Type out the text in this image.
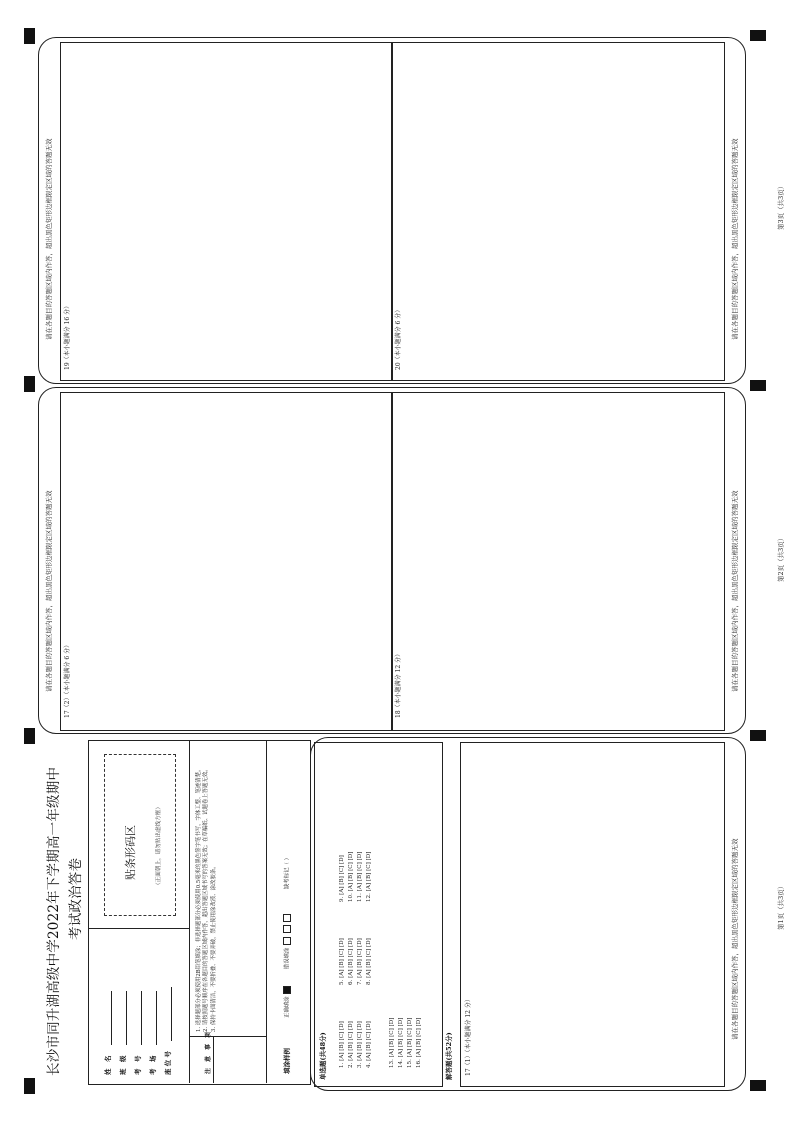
19（本小题满分 16 分）	20（本小题满分 6 分）
请在各题目的答题区域内作答，超出黑色矩形边框限定区域的答题无效	请在各题目的答题区域内作答，超出黑色矩形边框限定区域的答题无效	第3页（共3页）
17（2）（本小题满分 6 分）	18（本小题满分 12 分）
请在各题目的答题区域内作答，超出黑色矩形边框限定区域的答题无效	请在各题目的答题区域内作答，超出黑色矩形边框限定区域的答题无效	第2页（共3页）
长沙市同升湖高级中学2022年下学期高一年级期中 考试政治答卷
姓　名 班　级 考　号 考　场 座 位 号
贴条形码区	（正面朝上，请勿贴出虚线方框）
注意事项
1. 选择题部分必须使用2B铅笔填涂；非选择题部分必须使用0.5毫米的黑色签字笔书写，字体工整、笔迹清楚。 2. 请按照题号顺序在各题目的答题区域内作答，超出答题区域书写的答案无效；在草稿纸、试题卷上答题无效。 3. 保持卡面清洁，不要折叠、不要弄破，禁止使用涂改液、涂改胶条。
填涂样例
正确填涂   错误填涂     缺考标记（ ）
单选题(共48分) 1. [A] [B] [C] [D] 2. [A] [B] [C] [D] 3. [A] [B] [C] [D] 4. [A] [B] [C] [D]
5. [A] [B] [C] [D] 6. [A] [B] [C] [D] 7. [A] [B] [C] [D] 8. [A] [B] [C] [D]
9. [A] [B] [C] [D] 10. [A] [B] [C] [D] 11. [A] [B] [C] [D] 12. [A] [B] [C] [D]
13. [A] [B] [C] [D] 14. [A] [B] [C] [D] 15. [A] [B] [C] [D] 16. [A] [B] [C] [D]	解答题(共52分)	17（1）（本小题满分 12 分）	请在各题目的答题区域内作答，超出黑色矩形边框限定区域的答题无效	第1页（共3页）
